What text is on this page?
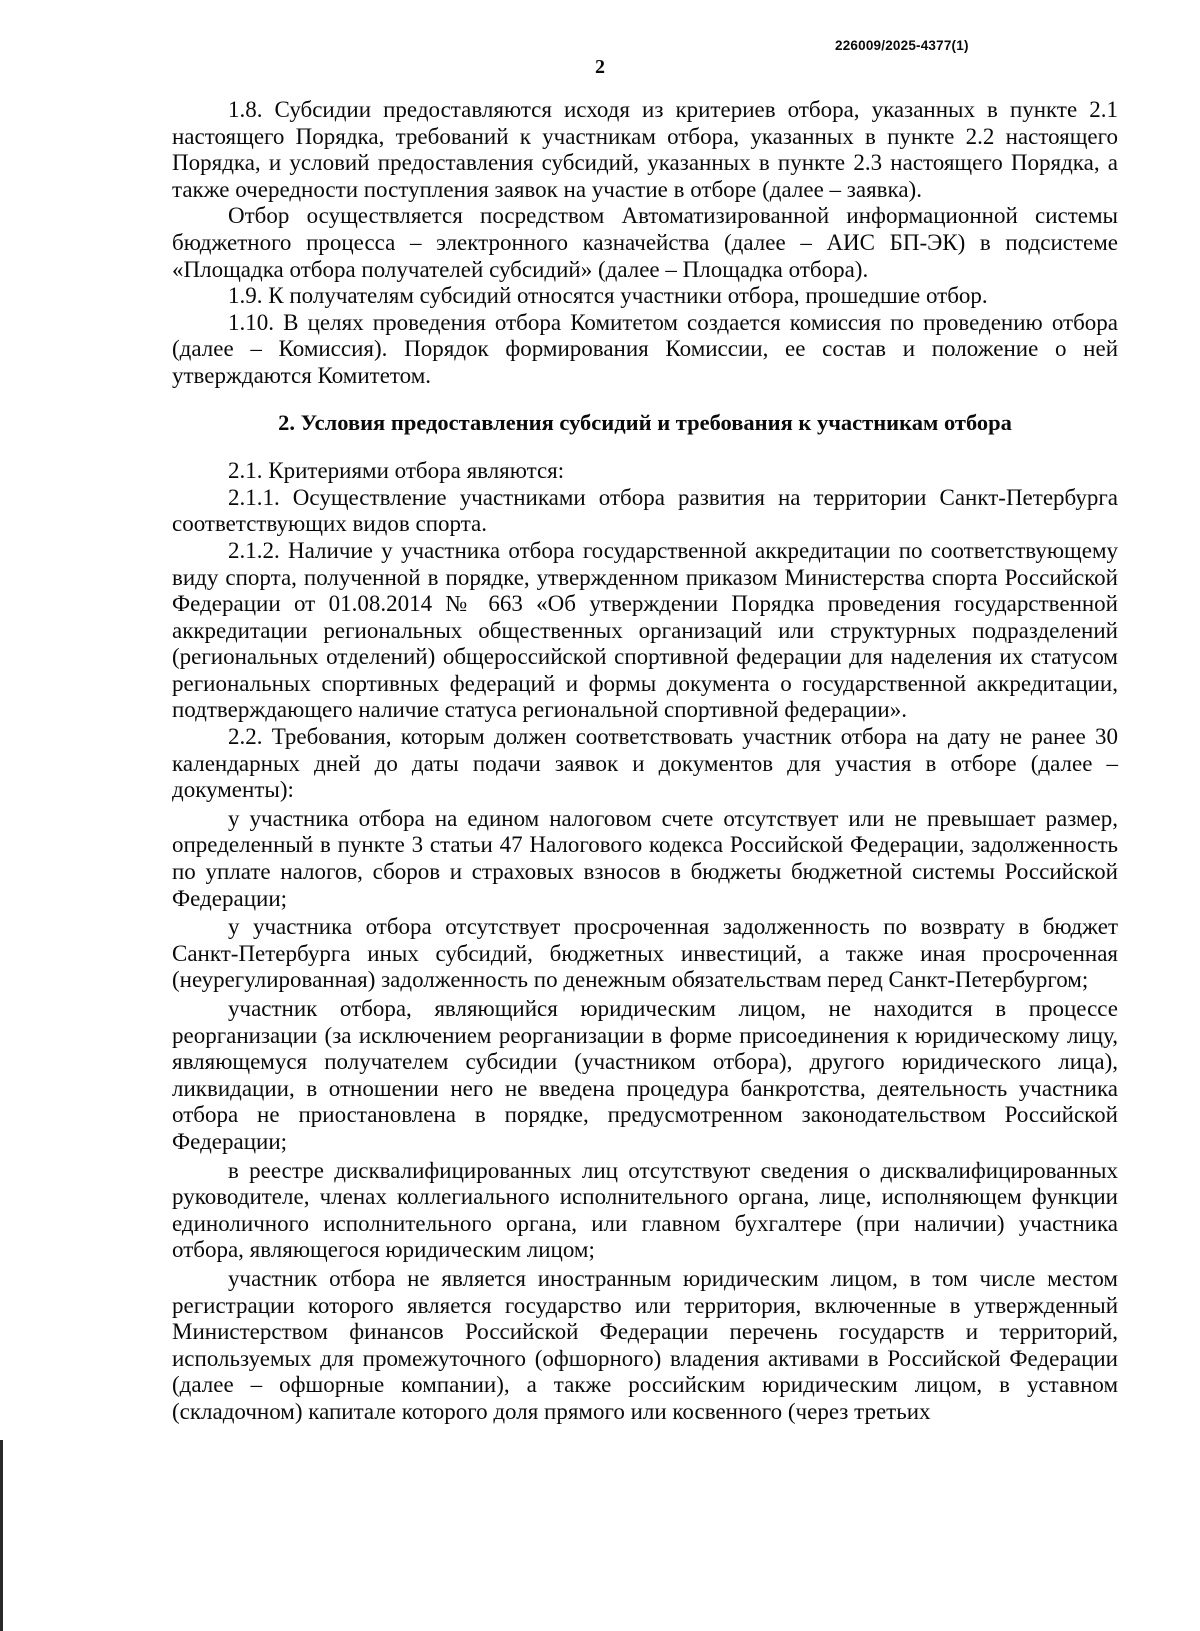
226009/2025-4377(1)
2

1.8. Субсидии предоставляются исходя из критериев отбора, указанных в пункте 2.1 настоящего Порядка, требований к участникам отбора, указанных в пункте 2.2 настоящего Порядка, и условий предоставления субсидий, указанных в пункте 2.3 настоящего Порядка, а также очередности поступления заявок на участие в отборе (далее – заявка).

Отбор осуществляется посредством Автоматизированной информационной системы бюджетного процесса – электронного казначейства (далее – АИС БП-ЭК) в подсистеме «Площадка отбора получателей субсидий» (далее – Площадка отбора).

1.9. К получателям субсидий относятся участники отбора, прошедшие отбор.

1.10. В целях проведения отбора Комитетом создается комиссия по проведению отбора (далее – Комиссия). Порядок формирования Комиссии, ее состав и положение о ней утверждаются Комитетом.

2. Условия предоставления субсидий и требования к участникам отбора

2.1. Критериями отбора являются:

2.1.1. Осуществление участниками отбора развития на территории Санкт-Петербурга соответствующих видов спорта.

2.1.2. Наличие у участника отбора государственной аккредитации по соответствующему виду спорта, полученной в порядке, утвержденном приказом Министерства спорта Российской Федерации от 01.08.2014 № 663 «Об утверждении Порядка проведения государственной аккредитации региональных общественных организаций или структурных подразделений (региональных отделений) общероссийской спортивной федерации для наделения их статусом региональных спортивных федераций и формы документа о государственной аккредитации, подтверждающего наличие статуса региональной спортивной федерации».

2.2. Требования, которым должен соответствовать участник отбора на дату не ранее 30 календарных дней до даты подачи заявок и документов для участия в отборе (далее – документы):

у участника отбора на едином налоговом счете отсутствует или не превышает размер, определенный в пункте 3 статьи 47 Налогового кодекса Российской Федерации, задолженность по уплате налогов, сборов и страховых взносов в бюджеты бюджетной системы Российской Федерации;

у участника отбора отсутствует просроченная задолженность по возврату в бюджет Санкт-Петербурга иных субсидий, бюджетных инвестиций, а также иная просроченная (неурегулированная) задолженность по денежным обязательствам перед Санкт-Петербургом;

участник отбора, являющийся юридическим лицом, не находится в процессе реорганизации (за исключением реорганизации в форме присоединения к юридическому лицу, являющемуся получателем субсидии (участником отбора), другого юридического лица), ликвидации, в отношении него не введена процедура банкротства, деятельность участника отбора не приостановлена в порядке, предусмотренном законодательством Российской Федерации;

в реестре дисквалифицированных лиц отсутствуют сведения о дисквалифицированных руководителе, членах коллегиального исполнительного органа, лице, исполняющем функции единоличного исполнительного органа, или главном бухгалтере (при наличии) участника отбора, являющегося юридическим лицом;

участник отбора не является иностранным юридическим лицом, в том числе местом регистрации которого является государство или территория, включенные в утвержденный Министерством финансов Российской Федерации перечень государств и территорий, используемых для промежуточного (офшорного) владения активами в Российской Федерации (далее – офшорные компании), а также российским юридическим лицом, в уставном (складочном) капитале которого доля прямого или косвенного (через третьих
